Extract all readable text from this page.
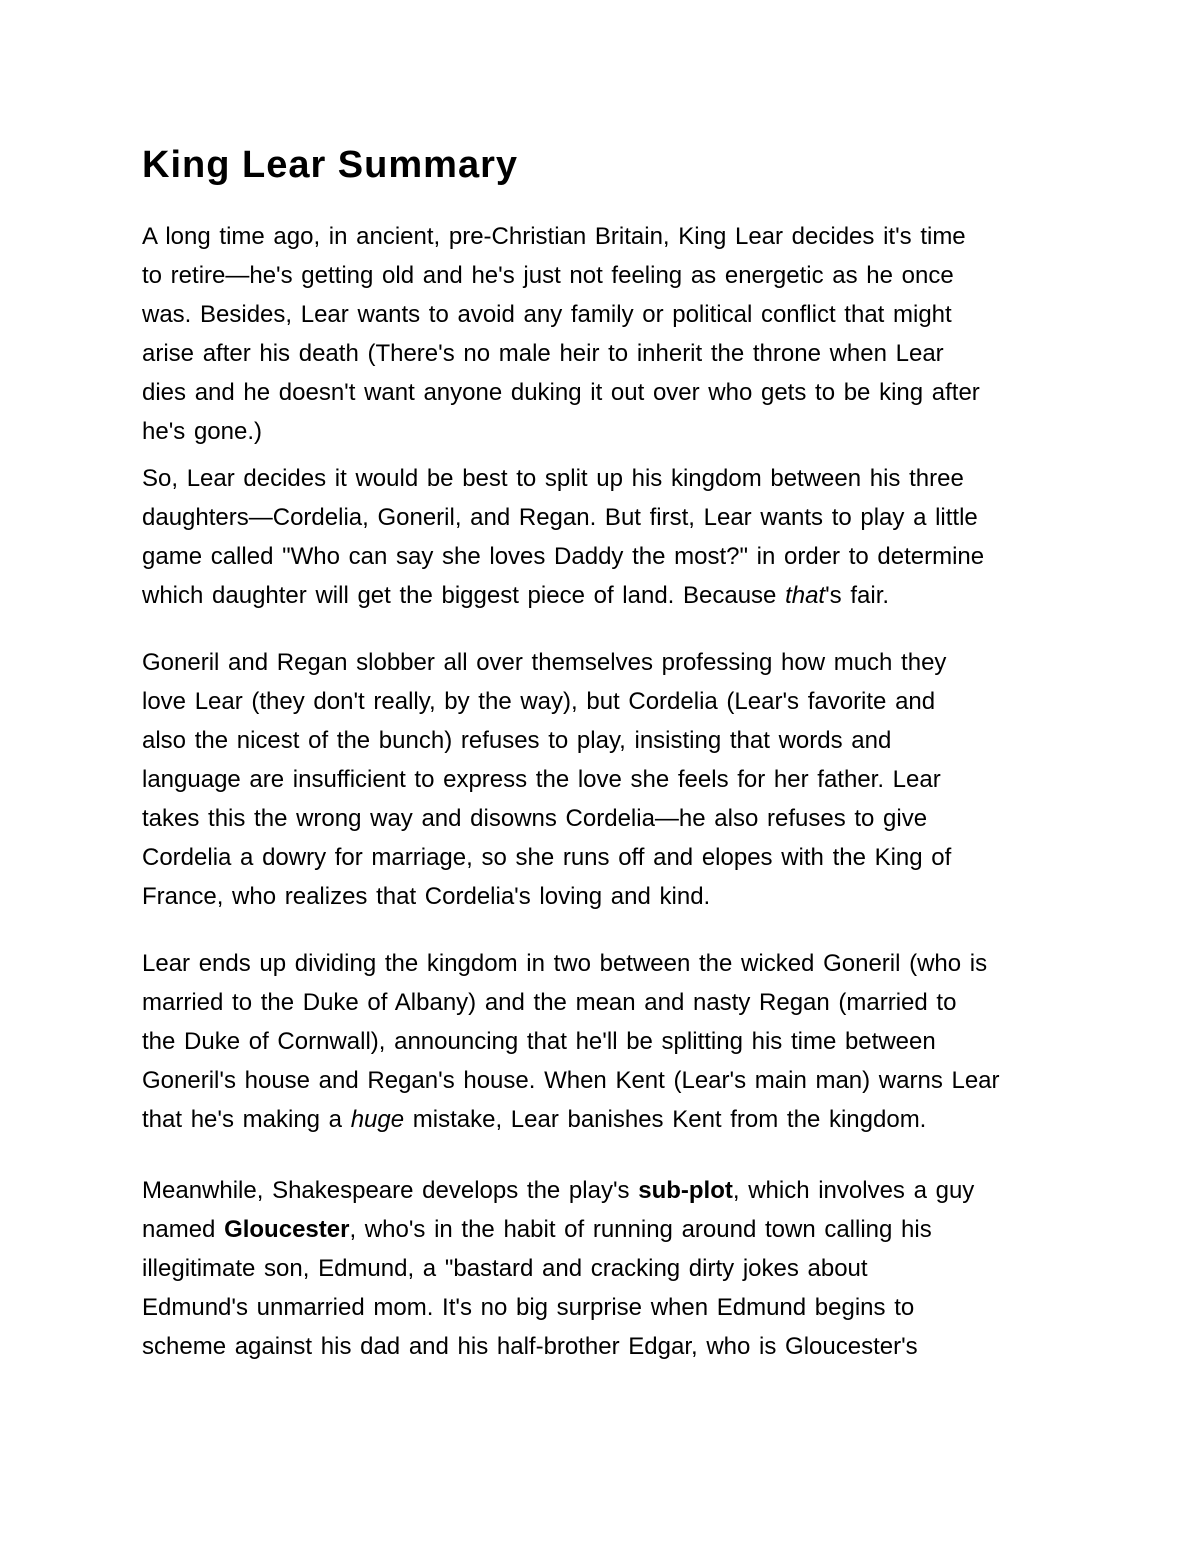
King Lear Summary
A long time ago, in ancient, pre-Christian Britain, King Lear decides it's time
to retire—he's getting old and he's just not feeling as energetic as he once
was. Besides, Lear wants to avoid any family or political conflict that might
arise after his death (There's no male heir to inherit the throne when Lear
dies and he doesn't want anyone duking it out over who gets to be king after
he's gone.)
So, Lear decides it would be best to split up his kingdom between his three
daughters—Cordelia, Goneril, and Regan. But first, Lear wants to play a little
game called "Who can say she loves Daddy the most?" in order to determine
which daughter will get the biggest piece of land. Because that's fair.
Goneril and Regan slobber all over themselves professing how much they
love Lear (they don't really, by the way), but Cordelia (Lear's favorite and
also the nicest of the bunch) refuses to play, insisting that words and
language are insufficient to express the love she feels for her father. Lear
takes this the wrong way and disowns Cordelia—he also refuses to give
Cordelia a dowry for marriage, so she runs off and elopes with the King of
France, who realizes that Cordelia's loving and kind.
Lear ends up dividing the kingdom in two between the wicked Goneril (who is
married to the Duke of Albany) and the mean and nasty Regan (married to
the Duke of Cornwall), announcing that he'll be splitting his time between
Goneril's house and Regan's house. When Kent (Lear's main man) warns Lear
that he's making a huge mistake, Lear banishes Kent from the kingdom.
Meanwhile, Shakespeare develops the play's sub-plot, which involves a guy
named Gloucester, who's in the habit of running around town calling his
illegitimate son, Edmund, a "bastard and cracking dirty jokes about
Edmund's unmarried mom. It's no big surprise when Edmund begins to
scheme against his dad and his half-brother Edgar, who is Gloucester's
